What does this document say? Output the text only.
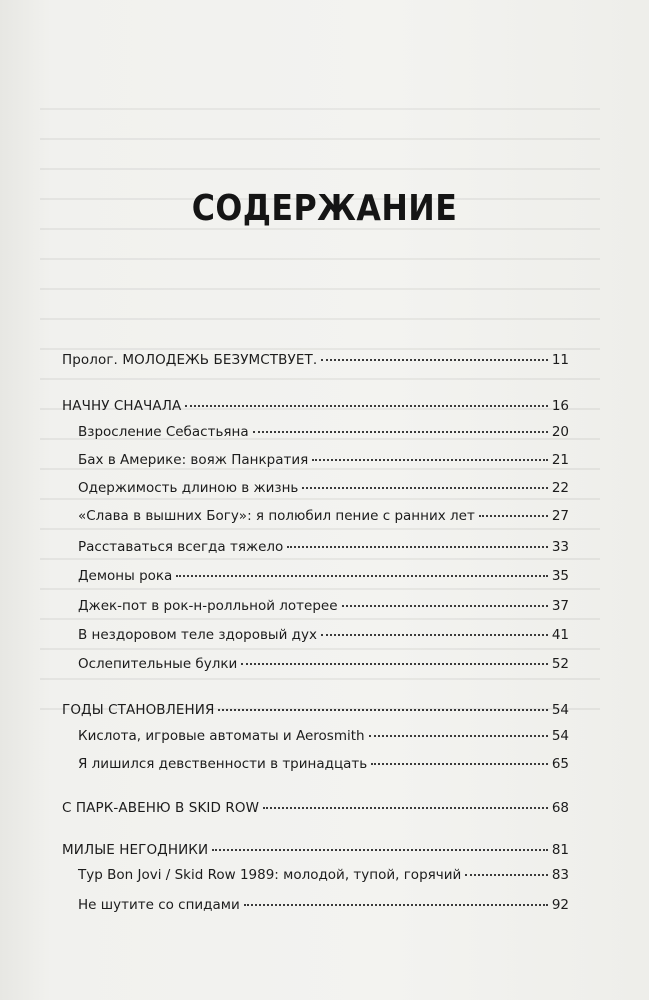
СОДЕРЖАНИЕ
Пролог. МОЛОДЕЖЬ БЕЗУМСТВУЕТ.	11
НАЧНУ СНАЧАЛА	16
Взросление Себастьяна	20
Бах в Америке: вояж Панкратия	21
Одержимость длиною в жизнь	22
«Слава в вышних Богу»: я полюбил пение с ранних лет	27
Расставаться всегда тяжело	33
Демоны рока	35
Джек-пот в рок-н-ролльной лотерее	37
В нездоровом теле здоровый дух	41
Ослепительные булки	52
ГОДЫ СТАНОВЛЕНИЯ	54
Кислота, игровые автоматы и Aerosmith	54
Я лишился девственности в тринадцать	65
С ПАРК-АВЕНЮ В SKID ROW	68
МИЛЫЕ НЕГОДНИКИ	81
Тур Bon Jovi / Skid Row 1989: молодой, тупой, горячий	83
Не шутите со спидами	92
